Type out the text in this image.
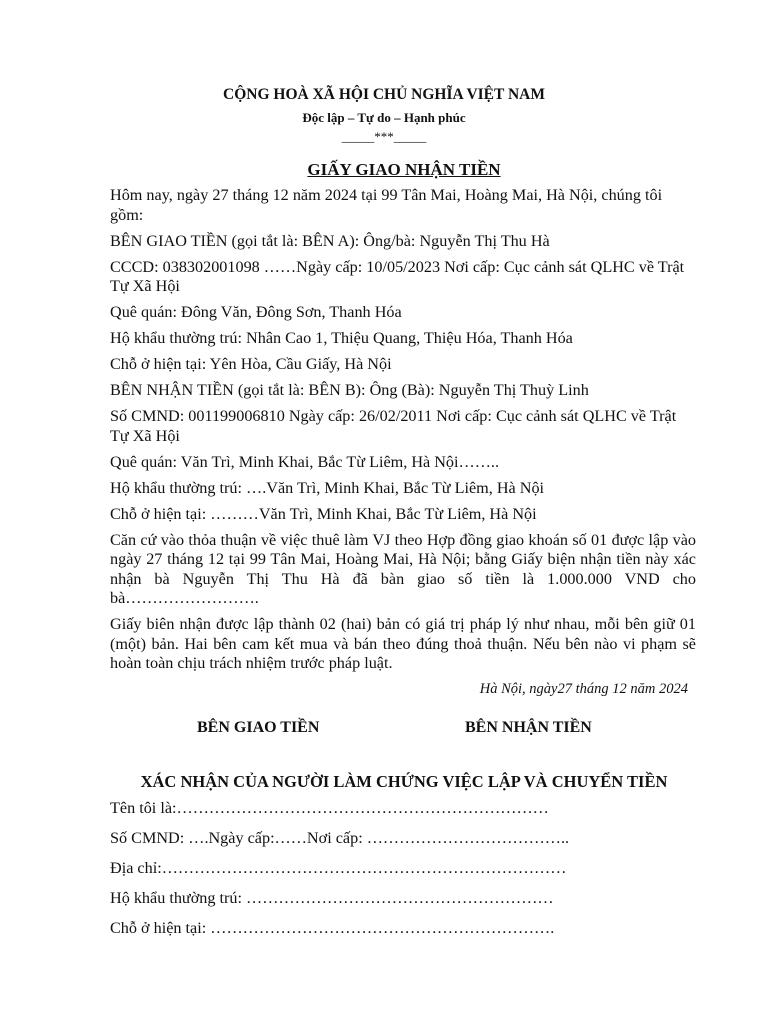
CỘNG HOÀ XÃ HỘI CHỦ NGHĨA VIỆT NAM
Độc lập – Tự do – Hạnh phúc
_____***_____
GIẤY GIAO NHẬN TIỀN

Hôm nay, ngày 27 tháng 12 năm 2024 tại 99 Tân Mai, Hoàng Mai, Hà Nội, chúng tôi gồm:

BÊN GIAO TIỀN (gọi tắt là: BÊN A): Ông/bà: Nguyễn Thị Thu Hà

CCCD: 038302001098 ……Ngày cấp: 10/05/2023 Nơi cấp: Cục cảnh sát QLHC về Trật Tự Xã Hội

Quê quán: Đông Văn, Đông Sơn, Thanh Hóa

Hộ khẩu thường trú: Nhân Cao 1, Thiệu Quang, Thiệu Hóa, Thanh Hóa

Chỗ ở hiện tại: Yên Hòa, Cầu Giấy, Hà Nội

BÊN NHẬN TIỀN (gọi tắt là: BÊN B): Ông (Bà): Nguyễn Thị Thuỳ Linh

Số CMND: 001199006810 Ngày cấp: 26/02/2011 Nơi cấp: Cục cảnh sát QLHC về Trật Tự Xã Hội

Quê quán: Văn Trì, Minh Khai, Bắc Từ Liêm, Hà Nội……..

Hộ khẩu thường trú: ….Văn Trì, Minh Khai, Bắc Từ Liêm, Hà Nội

Chỗ ở hiện tại: ………Văn Trì, Minh Khai, Bắc Từ Liêm, Hà Nội

Căn cứ vào thỏa thuận về việc thuê làm VJ theo Hợp đồng giao khoán số 01 được lập vào ngày 27 tháng 12 tại 99 Tân Mai, Hoàng Mai, Hà Nội; bằng Giấy biện nhận tiền này xác nhận bà Nguyễn Thị Thu Hà đã bàn giao số tiền là 1.000.000 VND cho bà…………………….

Giấy biên nhận được lập thành 02 (hai) bản có giá trị pháp lý như nhau, mỗi bên giữ 01 (một) bản. Hai bên cam kết mua và bán theo đúng thoả thuận. Nếu bên nào vi phạm sẽ hoàn toàn chịu trách nhiệm trước pháp luật.

Hà Nội, ngày27 tháng 12 năm 2024

BÊN GIAO TIỀN	BÊN NHẬN TIỀN
XÁC NHẬN CỦA NGƯỜI LÀM CHỨNG VIỆC LẬP VÀ CHUYỂN TIỀN

Tên tôi là:……………………………………………………………

Số CMND: ….Ngày cấp:……Nơi cấp: ………………………………..

Địa chỉ:…………………………………………………………………

Hộ khẩu thường trú: …………………………………………………

Chỗ ở hiện tại: ……………………………………………………….
